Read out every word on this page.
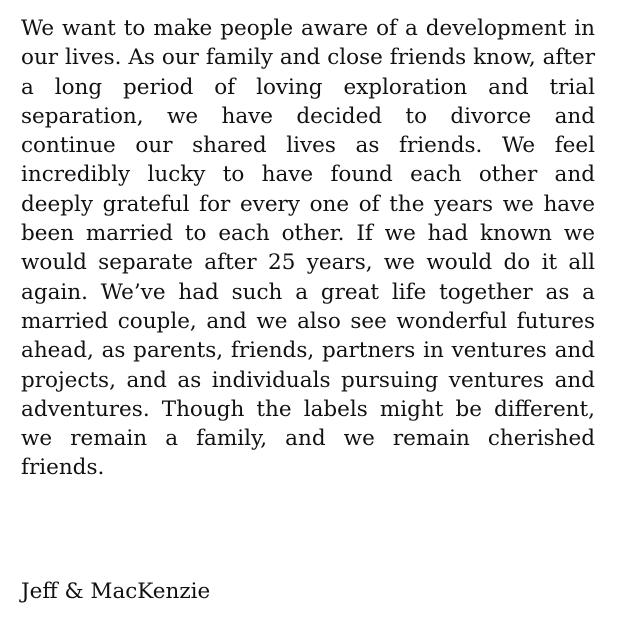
We want to make people aware of a development in our lives. As our family and close friends know, after a long period of loving exploration and trial separation, we have decided to divorce and continue our shared lives as friends. We feel incredibly lucky to have found each other and deeply grateful for every one of the years we have been married to each other. If we had known we would separate after 25 years, we would do it all again. We’ve had such a great life together as a married couple, and we also see wonderful futures ahead, as parents, friends, partners in ventures and projects, and as individuals pursuing ventures and adventures. Though the labels might be different, we remain a family, and we remain cherished friends.

Jeff & MacKenzie
